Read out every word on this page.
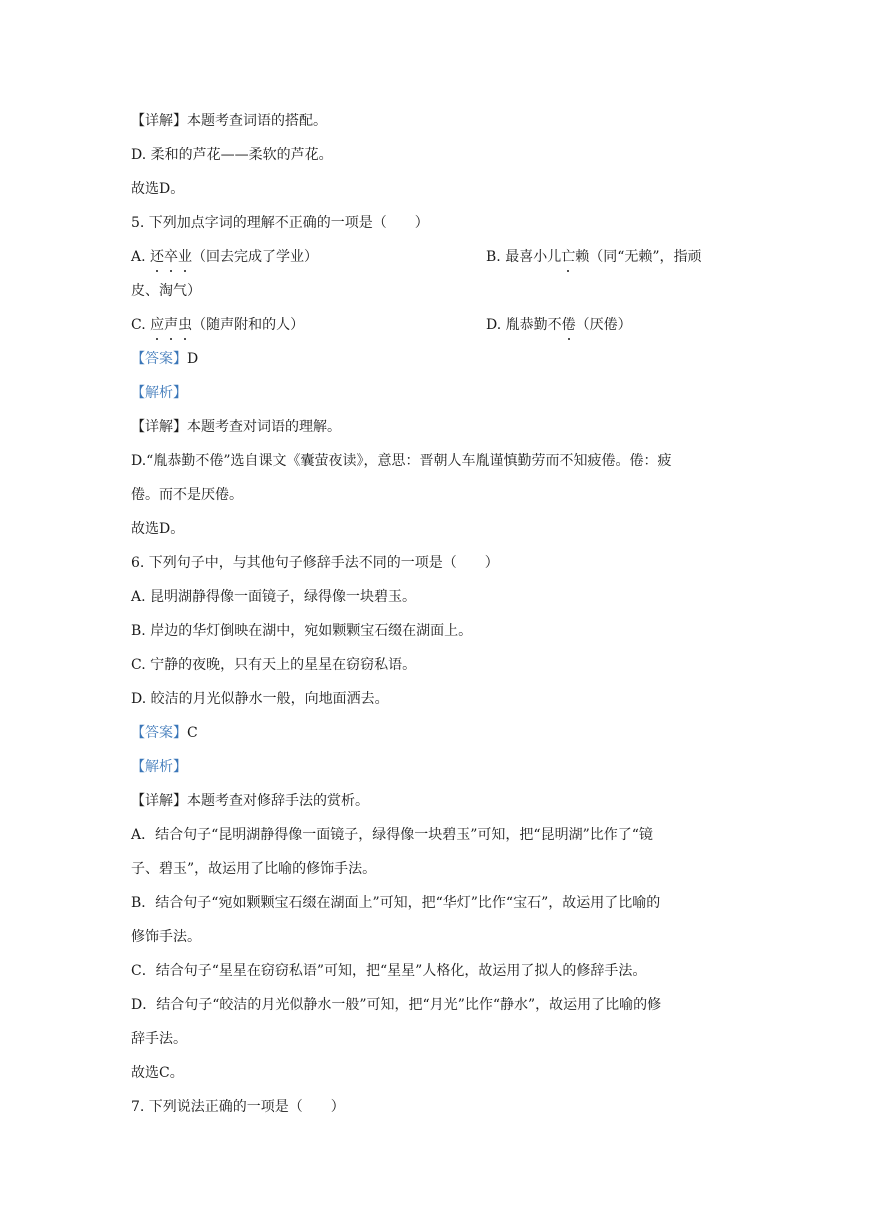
【详解】本题考查词语的搭配。
D. 柔和的芦花——柔软的芦花。
故选D。
5. 下列加点字词的理解不正确的一项是（　　）
A. 还卒业（回去完成了学业）	B. 最喜小儿亡赖（同“无赖”，指顽
皮、淘气）
C. 应声虫（随声附和的人）	D. 胤恭勤不倦（厌倦）
【答案】D
【解析】
【详解】本题考查对词语的理解。
D.“胤恭勤不倦”选自课文《囊萤夜读》，意思：晋朝人车胤谨慎勤劳而不知疲倦。倦：疲
倦。而不是厌倦。
故选D。
6. 下列句子中，与其他句子修辞手法不同的一项是（　　）
A. 昆明湖静得像一面镜子，绿得像一块碧玉。
B. 岸边的华灯倒映在湖中，宛如颗颗宝石缀在湖面上。
C. 宁静的夜晚，只有天上的星星在窃窃私语。
D. 皎洁的月光似静水一般，向地面洒去。
【答案】C
【解析】
【详解】本题考查对修辞手法的赏析。
A．结合句子“昆明湖静得像一面镜子，绿得像一块碧玉”可知，把“昆明湖”比作了“镜
子、碧玉”，故运用了比喻的修饰手法。
B．结合句子“宛如颗颗宝石缀在湖面上”可知，把“华灯”比作“宝石”，故运用了比喻的
修饰手法。
C．结合句子“星星在窃窃私语”可知，把“星星”人格化，故运用了拟人的修辞手法。
D．结合句子“皎洁的月光似静水一般”可知，把“月光”比作“静水”，故运用了比喻的修
辞手法。
故选C。
7. 下列说法正确的一项是（　　）
